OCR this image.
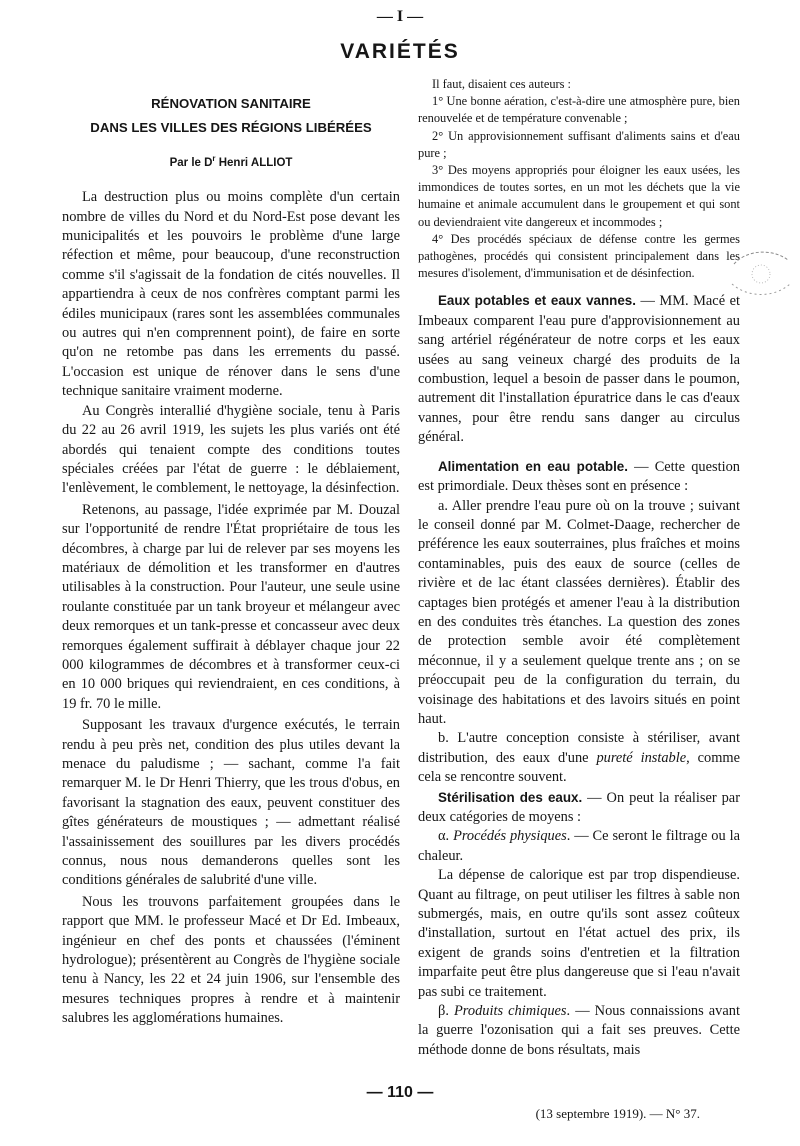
— I —
VARIÉTÉS

RÉNOVATION SANITAIRE

DANS LES VILLES DES RÉGIONS LIBÉRÉES

Par le $D^r$ Henri ALLIOT

La destruction plus ou moins complète d'un certain nombre de villes du Nord et du Nord-Est pose devant les municipalités et les pouvoirs le problème d'une large réfection et même, pour beaucoup, d'une reconstruction comme s'il s'agissait de la fondation de cités nouvelles. Il appartiendra à ceux de nos confrères comptant parmi les édiles municipaux (rares sont les assemblées communales ou autres qui n'en comprennent point), de faire en sorte qu'on ne retombe pas dans les errements du passé. L'occasion est unique de rénover dans le sens d'une technique sanitaire vraiment moderne.

Au Congrès interallié d'hygiène sociale, tenu à Paris du 22 au 26 avril 1919, les sujets les plus variés ont été abordés qui tenaient compte des conditions toutes spéciales créées par l'état de guerre : le déblaiement, l'enlèvement, le comblement, le nettoyage, la désinfection.

Retenons, au passage, l'idée exprimée par M. Douzal sur l'opportunité de rendre l'État propriétaire de tous les décombres, à charge par lui de relever par ses moyens les matériaux de démolition et les transformer en d'autres utilisables à la construction. Pour l'auteur, une seule usine roulante constituée par un tank broyeur et mélangeur avec deux remorques et un tank-presse et concasseur avec deux remorques également suffirait à déblayer chaque jour 22 000 kilogrammes de décombres et à transformer ceux-ci en 10 000 briques qui reviendraient, en ces conditions, à 19 fr. 70 le mille.

Supposant les travaux d'urgence exécutés, le terrain rendu à peu près net, condition des plus utiles devant la menace du paludisme ; — sachant, comme l'a fait remarquer M. le Dr Henri Thierry, que les trous d'obus, en favorisant la stagnation des eaux, peuvent constituer des gîtes générateurs de moustiques ; — admettant réalisé l'assainissement des souillures par les divers procédés connus, nous nous demanderons quelles sont les conditions générales de salubrité d'une ville.

Nous les trouvons parfaitement groupées dans le rapport que MM. le professeur Macé et Dr Ed. Imbeaux, ingénieur en chef des ponts et chaussées (l'éminent hydrologue); présentèrent au Congrès de l'hygiène sociale tenu à Nancy, les 22 et 24 juin 1906, sur l'ensemble des mesures techniques propres à rendre et à maintenir salubres les agglomérations humaines.

Il faut, disaient ces auteurs :

1° Une bonne aération, c'est-à-dire une atmosphère pure, bien renouvelée et de température convenable ;

2° Un approvisionnement suffisant d'aliments sains et d'eau pure ;

3° Des moyens appropriés pour éloigner les eaux usées, les immondices de toutes sortes, en un mot les déchets que la vie humaine et animale accumulent dans le groupement et qui sont ou deviendraient vite dangereux et incommodes ;

4° Des procédés spéciaux de défense contre les germes pathogènes, procédés qui consistent principalement dans les mesures d'isolement, d'immunisation et de désinfection.

Eaux potables et eaux vannes. — MM. Macé et Imbeaux comparent l'eau pure d'approvisionnement au sang artériel régénérateur de notre corps et les eaux usées au sang veineux chargé des produits de la combustion, lequel a besoin de passer dans le poumon, autrement dit l'installation épuratrice dans le cas d'eaux vannes, pour être rendu sans danger au circulus général.

Alimentation en eau potable. — Cette question est primordiale. Deux thèses sont en présence :

a. Aller prendre l'eau pure où on la trouve ; suivant le conseil donné par M. Colmet-Daage, rechercher de préférence les eaux souterraines, plus fraîches et moins contaminables, puis des eaux de source (celles de rivière et de lac étant classées dernières). Établir des captages bien protégés et amener l'eau à la distribution en des conduites très étanches. La question des zones de protection semble avoir été complètement méconnue, il y a seulement quelque trente ans ; on se préoccupait peu de la configuration du terrain, du voisinage des habitations et des lavoirs situés en point haut.

b. L'autre conception consiste à stériliser, avant distribution, des eaux d'une pureté instable, comme cela se rencontre souvent.

Stérilisation des eaux. — On peut la réaliser par deux catégories de moyens :

α. Procédés physiques. — Ce seront le filtrage ou la chaleur.

La dépense de calorique est par trop dispendieuse. Quant au filtrage, on peut utiliser les filtres à sable non submergés, mais, en outre qu'ils sont assez coûteux d'installation, surtout en l'état actuel des prix, ils exigent de grands soins d'entretien et la filtration imparfaite peut être plus dangereuse que si l'eau n'avait pas subi ce traitement.

β. Produits chimiques. — Nous connaissions avant la guerre l'ozonisation qui a fait ses preuves. Cette méthode donne de bons résultats, mais

— 110 —
(13 septembre 1919). — N° 37.
